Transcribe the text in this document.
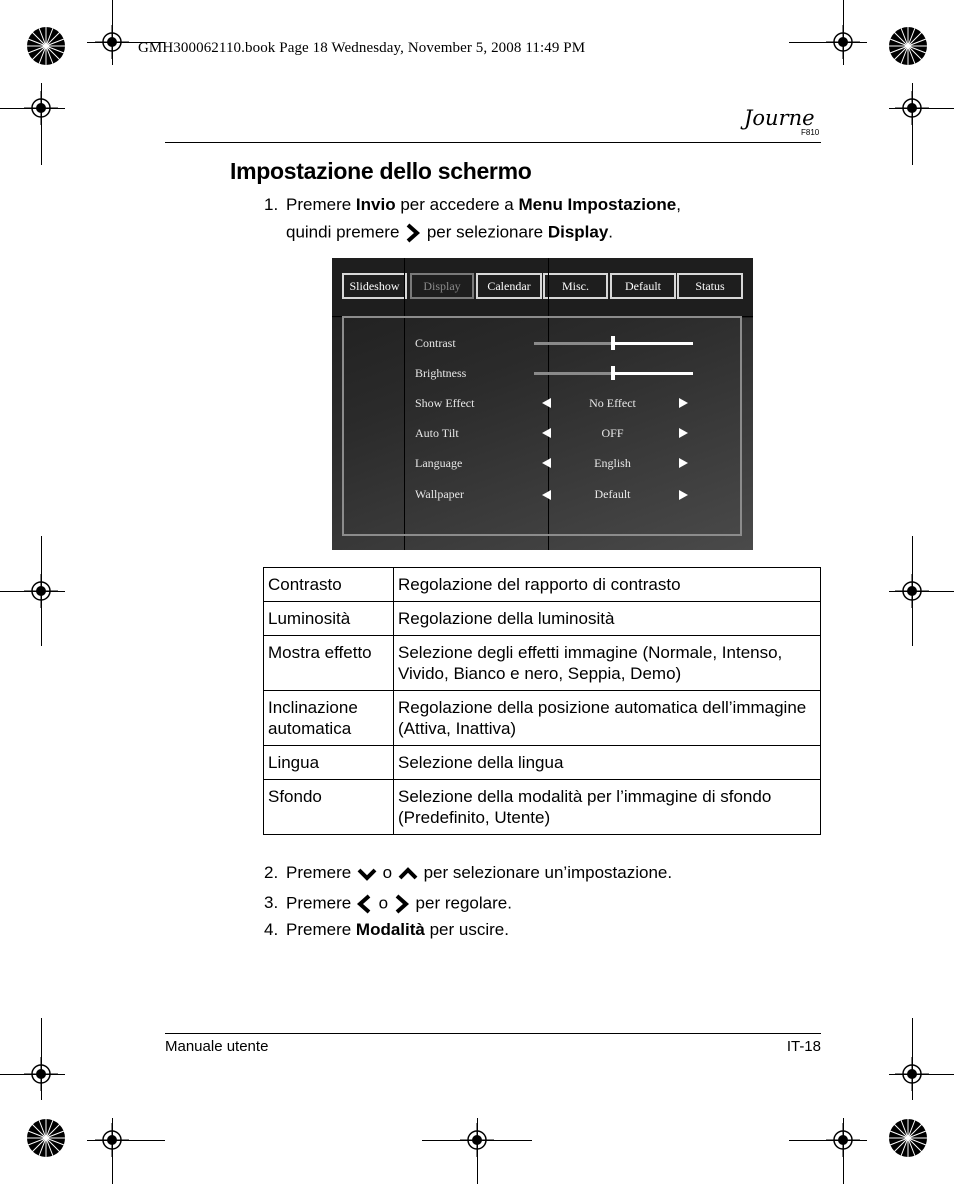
GMH300062110.book Page 18 Wednesday, November 5, 2008 11:49 PM
Journe
F810
Impostazione dello schermo
1. Premere Invio per accedere a Menu Impostazione,
quindi premere  per selezionare Display.
Slideshow	Display	Calendar	Misc.	Default	Status
Contrast
Brightness
Show Effect	No Effect
Auto Tilt	OFF
Language	English
Wallpaper	Default
Contrasto	Regolazione del rapporto di contrasto
Luminosità	Regolazione della luminosità
Mostra effetto	Selezione degli effetti immagine (Normale, Intenso, Vivido, Bianco e nero, Seppia, Demo)
Inclinazione automatica	Regolazione della posizione automatica dell’immagine (Attiva, Inattiva)
Lingua	Selezione della lingua
Sfondo	Selezione della modalità per l’immagine di sfondo (Predefinito, Utente)
2. Premere  o  per selezionare un’impostazione.
3. Premere  o  per regolare.
4. Premere Modalità per uscire.
Manuale utente	IT-18
